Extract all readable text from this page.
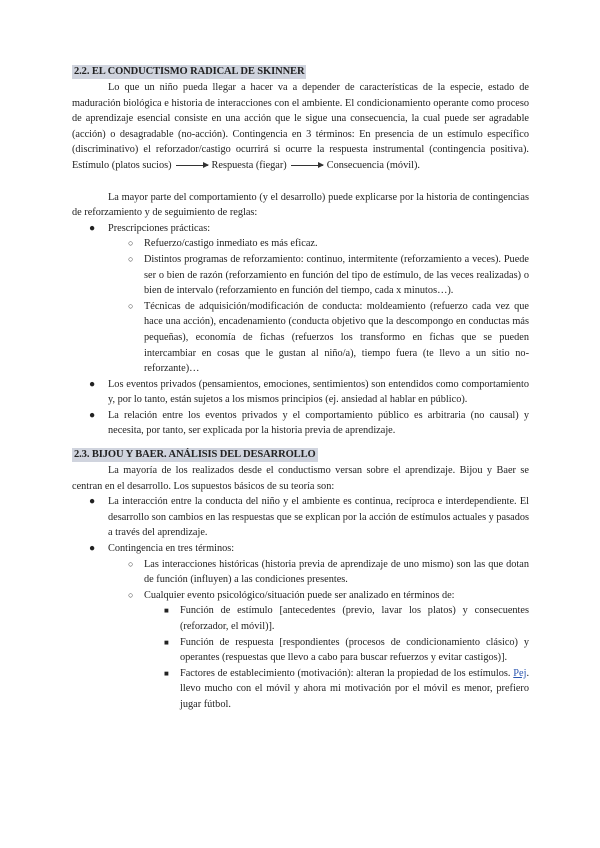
2.2. EL CONDUCTISMO RADICAL DE SKINNER

Lo que un niño pueda llegar a hacer va a depender de características de la especie, estado de maduración biológica e historia de interacciones con el ambiente. El condicionamiento operante como proceso de aprendizaje esencial consiste en una acción que le sigue una consecuencia, la cual puede ser agradable (acción) o desagradable (no-acción). Contingencia en 3 términos: En presencia de un estímulo específico (discriminativo) el reforzador/castigo ocurrirá si ocurre la respuesta instrumental (contingencia positiva). Estímulo (platos sucios)	Respuesta (fiegar)	Consecuencia (móvil).

La mayor parte del comportamiento (y el desarrollo) puede explicarse por la historia de contingencias de reforzamiento y de seguimiento de reglas:

● Prescripciones prácticas:
○ Refuerzo/castigo inmediato es más eficaz.
○ Distintos programas de reforzamiento: continuo, intermitente (reforzamiento a veces). Puede ser o bien de razón (reforzamiento en función del tipo de estímulo, de las veces realizadas) o bien de intervalo (reforzamiento en función del tiempo, cada x minutos…).
○ Técnicas de adquisición/modificación de conducta: moldeamiento (refuerzo cada vez que hace una acción), encadenamiento (conducta objetivo que la descompongo en conductas más pequeñas), economía de fichas (refuerzos los transformo en fichas que se pueden intercambiar en cosas que le gustan al niño/a), tiempo fuera (te llevo a un sitio no-reforzante)…
● Los eventos privados (pensamientos, emociones, sentimientos) son entendidos como comportamiento y, por lo tanto, están sujetos a los mismos principios (ej. ansiedad al hablar en público).
● La relación entre los eventos privados y el comportamiento público es arbitraria (no causal) y necesita, por tanto, ser explicada por la historia previa de aprendizaje.
2.3. BIJOU Y BAER. ANÁLISIS DEL DESARROLLO

La mayoría de los realizados desde el conductismo versan sobre el aprendizaje. Bijou y Baer se centran en el desarrollo. Los supuestos básicos de su teoría son:

● La interacción entre la conducta del niño y el ambiente es continua, recíproca e interdependiente. El desarrollo son cambios en las respuestas que se explican por la acción de estímulos actuales y pasados a través del aprendizaje.
● Contingencia en tres términos:
○ Las interacciones históricas (historia previa de aprendizaje de uno mismo) son las que dotan de función (influyen) a las condiciones presentes.
○ Cualquier evento psicológico/situación puede ser analizado en términos de:
■ Función de estímulo [antecedentes (previo, lavar los platos) y consecuentes (reforzador, el móvil)].
■ Función de respuesta [respondientes (procesos de condicionamiento clásico) y operantes (respuestas que llevo a cabo para buscar refuerzos y evitar castigos)].
■ Factores de establecimiento (motivación): alteran la propiedad de los estímulos. Pej. llevo mucho con el móvil y ahora mi motivación por el móvil es menor, prefiero jugar fútbol.
